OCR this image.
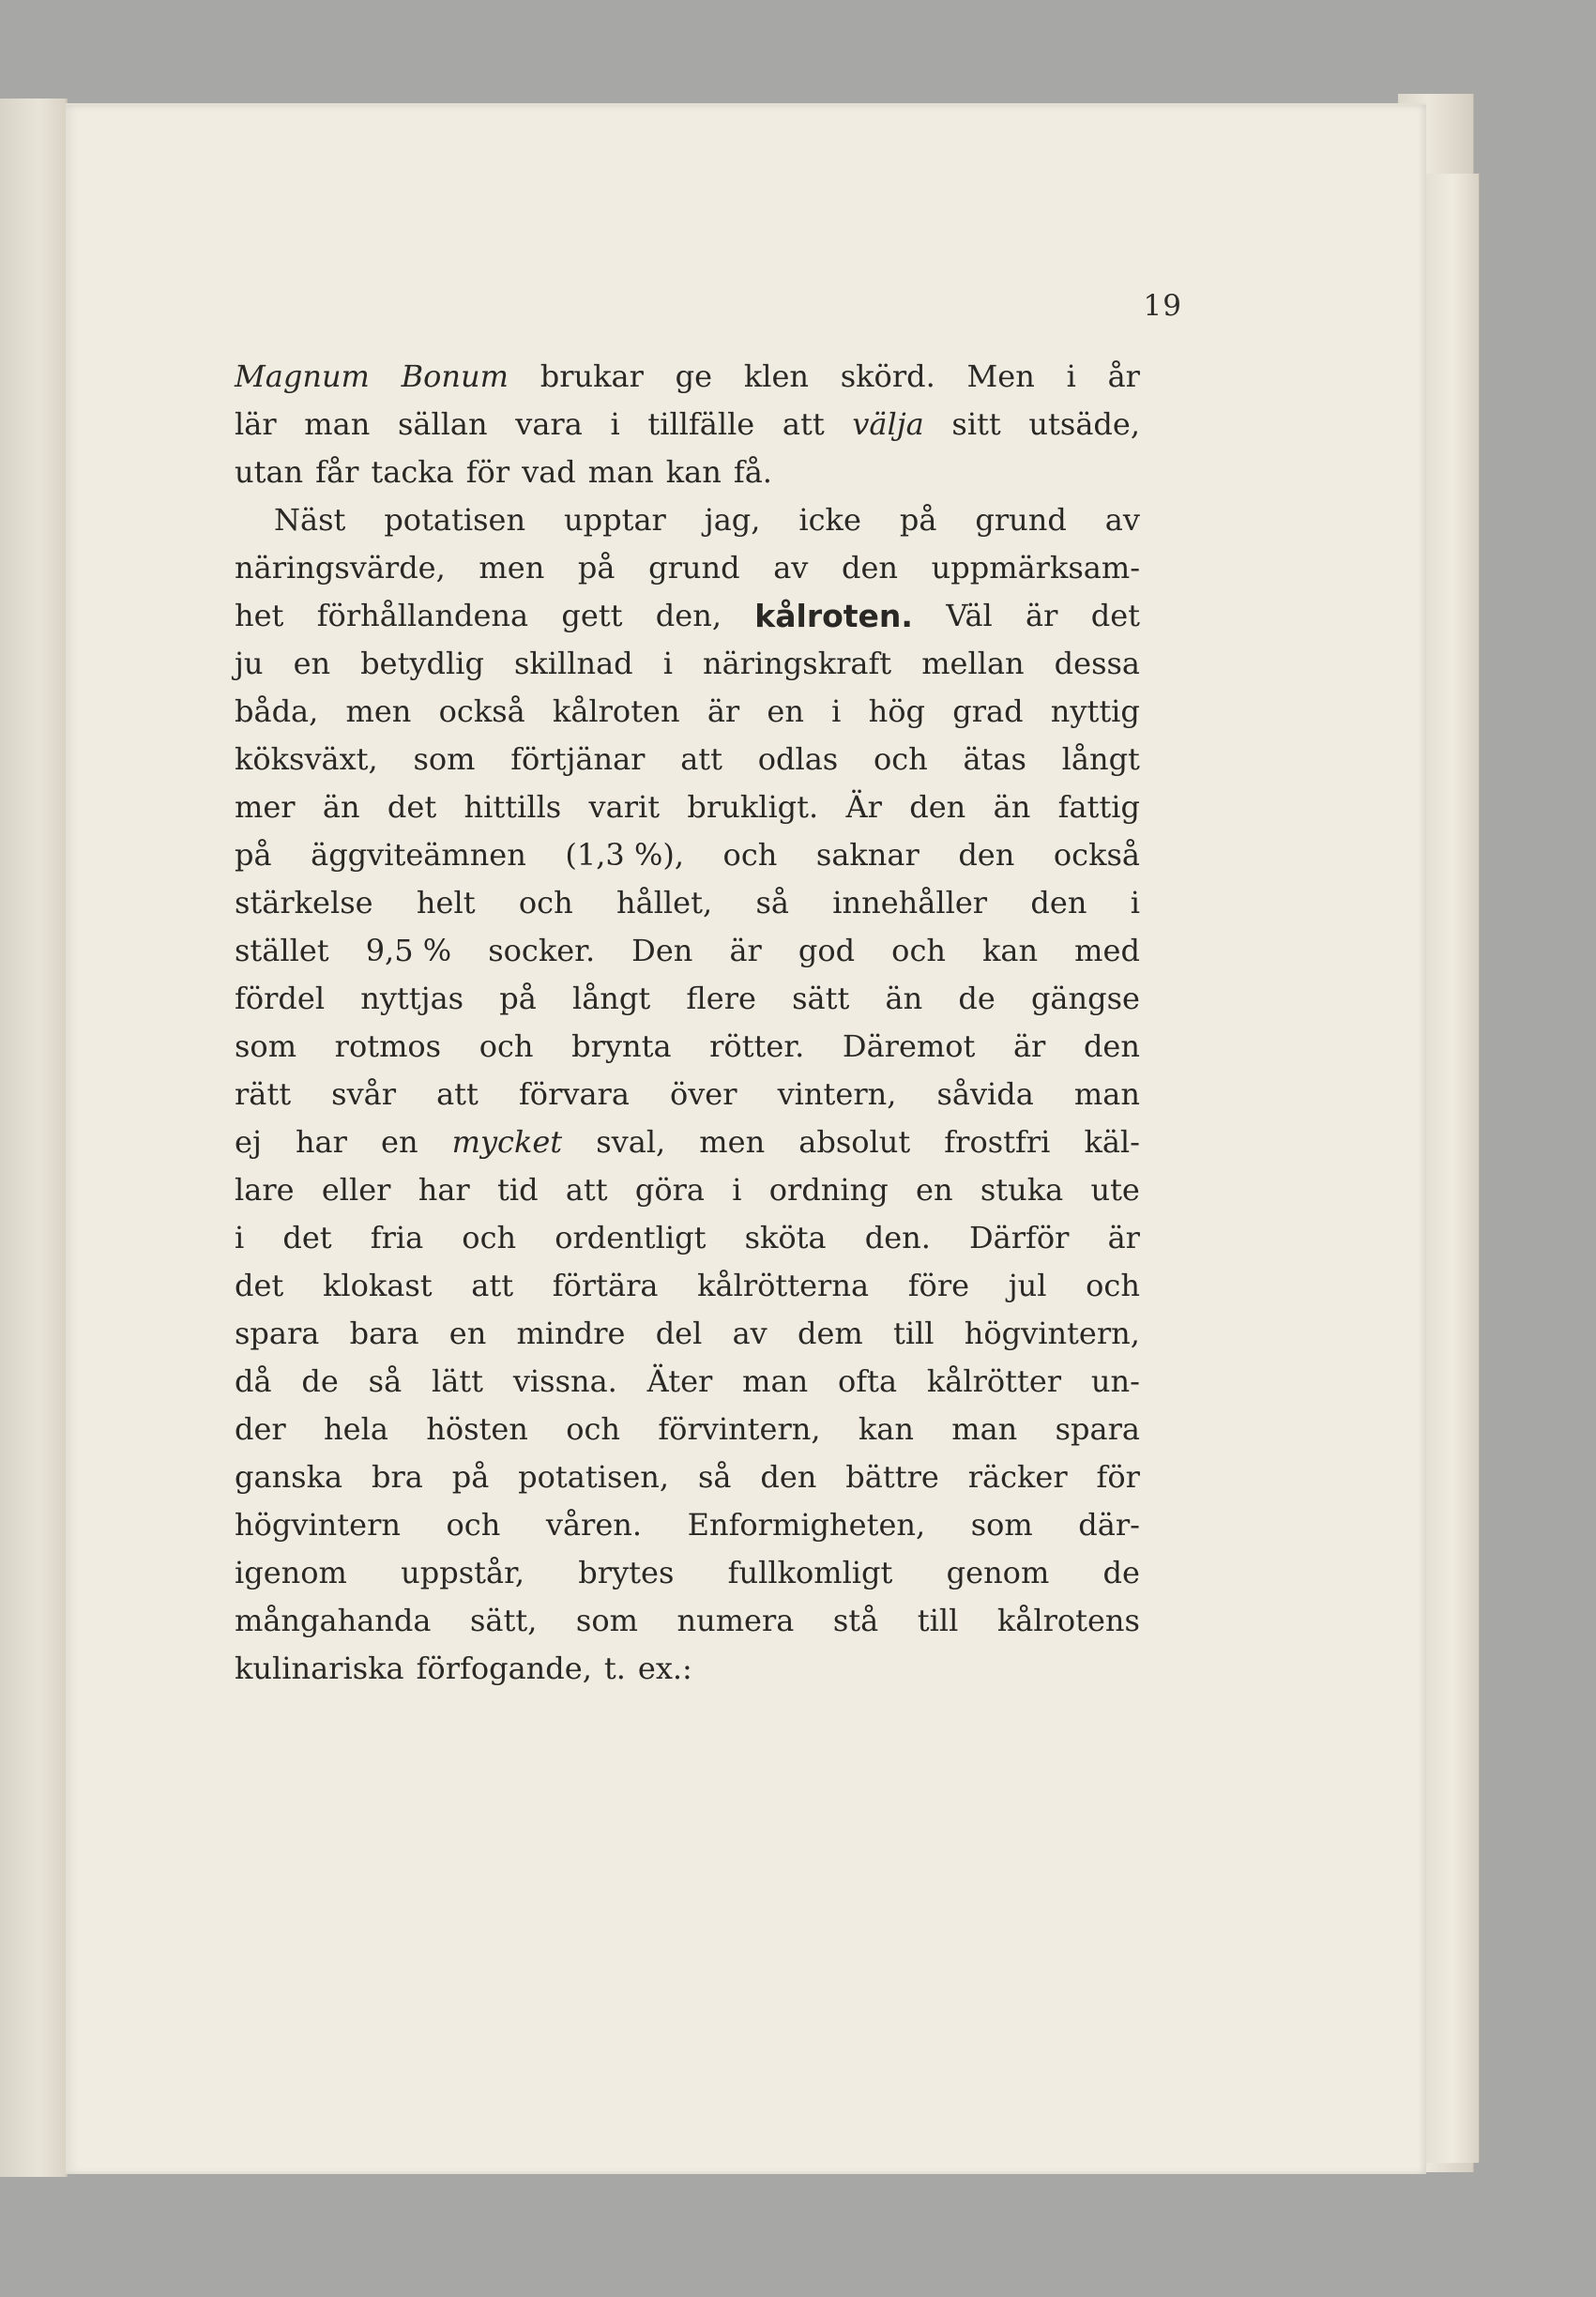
19
Magnum Bonum brukar ge klen skörd. Men i år
lär man sällan vara i tillfälle att välja sitt utsäde,
utan får tacka för vad man kan få.
Näst potatisen upptar jag, icke på grund av
näringsvärde, men på grund av den uppmärksam-
het förhållandena gett den, kålroten. Väl är det
ju en betydlig skillnad i näringskraft mellan dessa
båda, men också kålroten är en i hög grad nyttig
köksväxt, som förtjänar att odlas och ätas långt
mer än det hittills varit brukligt. Är den än fattig
på äggviteämnen (1,3 %), och saknar den också
stärkelse helt och hållet, så innehåller den i
stället 9,5 % socker. Den är god och kan med
fördel nyttjas på långt flere sätt än de gängse
som rotmos och brynta rötter. Däremot är den
rätt svår att förvara över vintern, såvida man
ej har en mycket sval, men absolut frostfri käl-
lare eller har tid att göra i ordning en stuka ute
i det fria och ordentligt sköta den. Därför är
det klokast att förtära kålrötterna före jul och
spara bara en mindre del av dem till högvintern,
då de så lätt vissna. Äter man ofta kålrötter un-
der hela hösten och förvintern, kan man spara
ganska bra på potatisen, så den bättre räcker för
högvintern och våren. Enformigheten, som där-
igenom uppstår, brytes fullkomligt genom de
mångahanda sätt, som numera stå till kålrotens
kulinariska förfogande, t. ex.:
